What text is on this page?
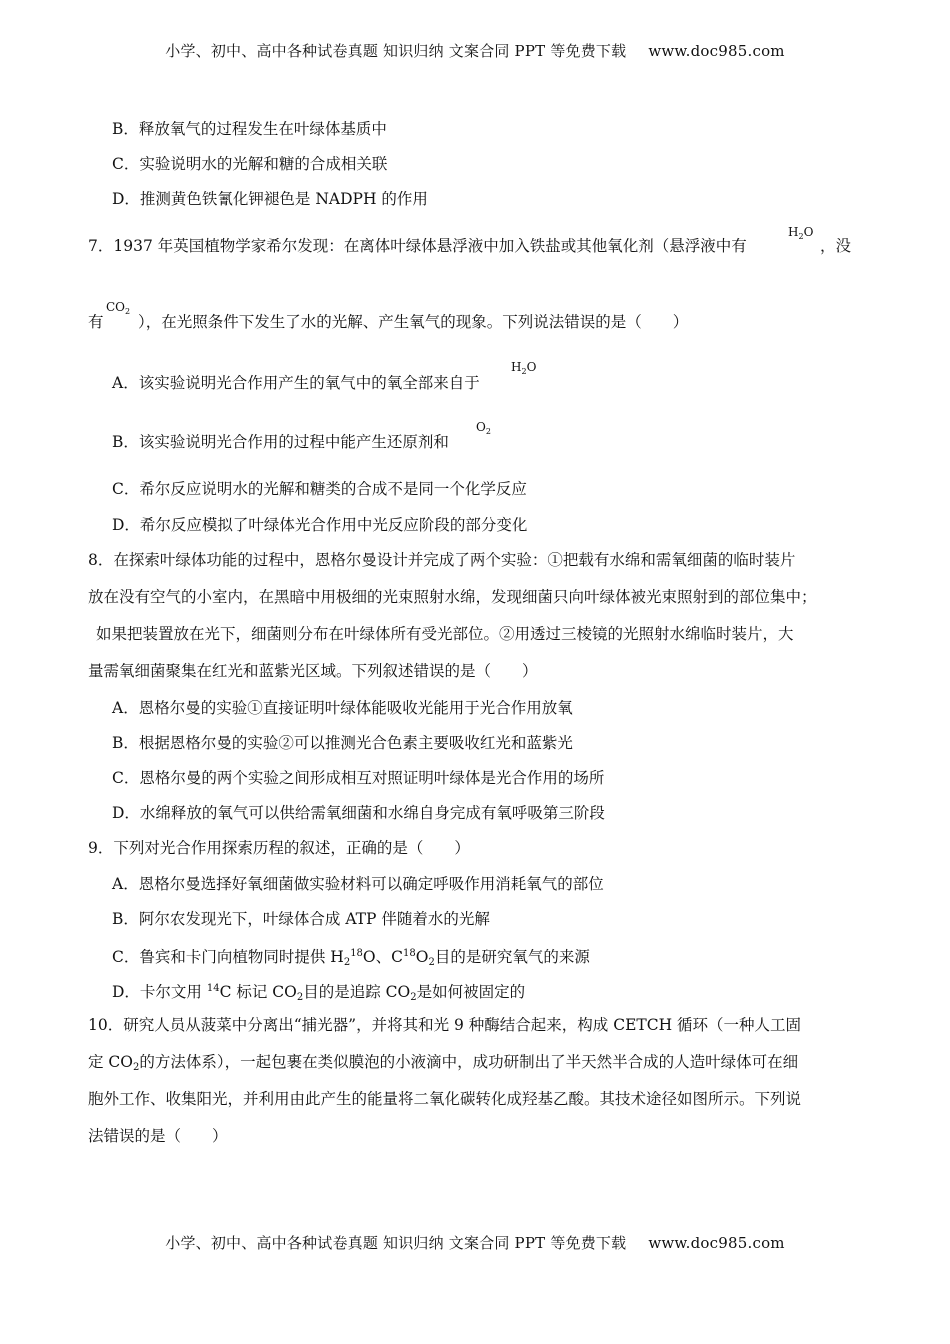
小学、初中、高中各种试卷真题 知识归纳 文案合同 PPT 等免费下载 www.doc985.com
B．释放氧气的过程发生在叶绿体基质中
C．实验说明水的光解和糖的合成相关联
D．推测黄色铁氰化钾褪色是 NADPH 的作用
7．1937 年英国植物学家希尔发现：在离体叶绿体悬浮液中加入铁盐或其他氧化剂（悬浮液中有
$H_2O$
，没
有
$CO_2$
），在光照条件下发生了水的光解、产生氧气的现象。下列说法错误的是（　　）
A．该实验说明光合作用产生的氧气中的氧全部来自于
$H_2O$
B．该实验说明光合作用的过程中能产生还原剂和
$O_2$
C．希尔反应说明水的光解和糖类的合成不是同一个化学反应
D．希尔反应模拟了叶绿体光合作用中光反应阶段的部分变化
8．在探索叶绿体功能的过程中，恩格尔曼设计并完成了两个实验：①把载有水绵和需氧细菌的临时装片
放在没有空气的小室内，在黑暗中用极细的光束照射水绵，发现细菌只向叶绿体被光束照射到的部位集中；
如果把装置放在光下，细菌则分布在叶绿体所有受光部位。②用透过三棱镜的光照射水绵临时装片，大
量需氧细菌聚集在红光和蓝紫光区域。下列叙述错误的是（　　）
A．恩格尔曼的实验①直接证明叶绿体能吸收光能用于光合作用放氧
B．根据恩格尔曼的实验②可以推测光合色素主要吸收红光和蓝紫光
C．恩格尔曼的两个实验之间形成相互对照证明叶绿体是光合作用的场所
D．水绵释放的氧气可以供给需氧细菌和水绵自身完成有氧呼吸第三阶段
9．下列对光合作用探索历程的叙述，正确的是（　　）
A．恩格尔曼选择好氧细菌做实验材料可以确定呼吸作用消耗氧气的部位
B．阿尔农发现光下，叶绿体合成 ATP 伴随着水的光解
C．鲁宾和卡门向植物同时提供 $H2^{18}O$、$C^{18}O2$目的是研究氧气的来源
D．卡尔文用 $^{14}$C 标记 CO2目的是追踪 CO2是如何被固定的
10．研究人员从菠菜中分离出“捕光器”，并将其和光 9 种酶结合起来，构成 CETCH 循环（一种人工固
定 CO2的方法体系），一起包裹在类似膜泡的小液滴中，成功研制出了半天然半合成的人造叶绿体可在细
胞外工作、收集阳光，并利用由此产生的能量将二氧化碳转化成羟基乙酸。其技术途径如图所示。下列说
法错误的是（　　）
小学、初中、高中各种试卷真题 知识归纳 文案合同 PPT 等免费下载 www.doc985.com
